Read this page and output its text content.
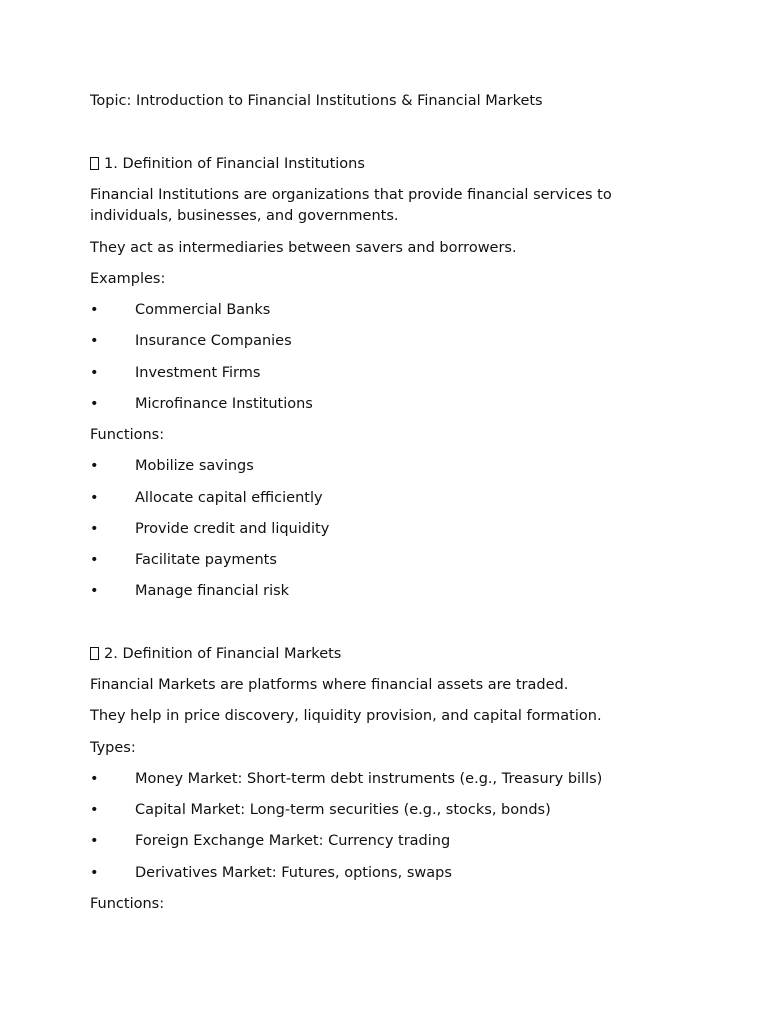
Topic: Introduction to Financial Institutions & Financial Markets
1. Definition of Financial Institutions
Financial Institutions are organizations that provide financial services to individuals, businesses, and governments.
They act as intermediaries between savers and borrowers.
Examples:
•	Commercial Banks
•	Insurance Companies
•	Investment Firms
•	Microfinance Institutions
Functions:
•	Mobilize savings
•	Allocate capital efficiently
•	Provide credit and liquidity
•	Facilitate payments
•	Manage financial risk
2. Definition of Financial Markets
Financial Markets are platforms where financial assets are traded.
They help in price discovery, liquidity provision, and capital formation.
Types:
•	Money Market: Short-term debt instruments (e.g., Treasury bills)
•	Capital Market: Long-term securities (e.g., stocks, bonds)
•	Foreign Exchange Market: Currency trading
•	Derivatives Market: Futures, options, swaps
Functions:
